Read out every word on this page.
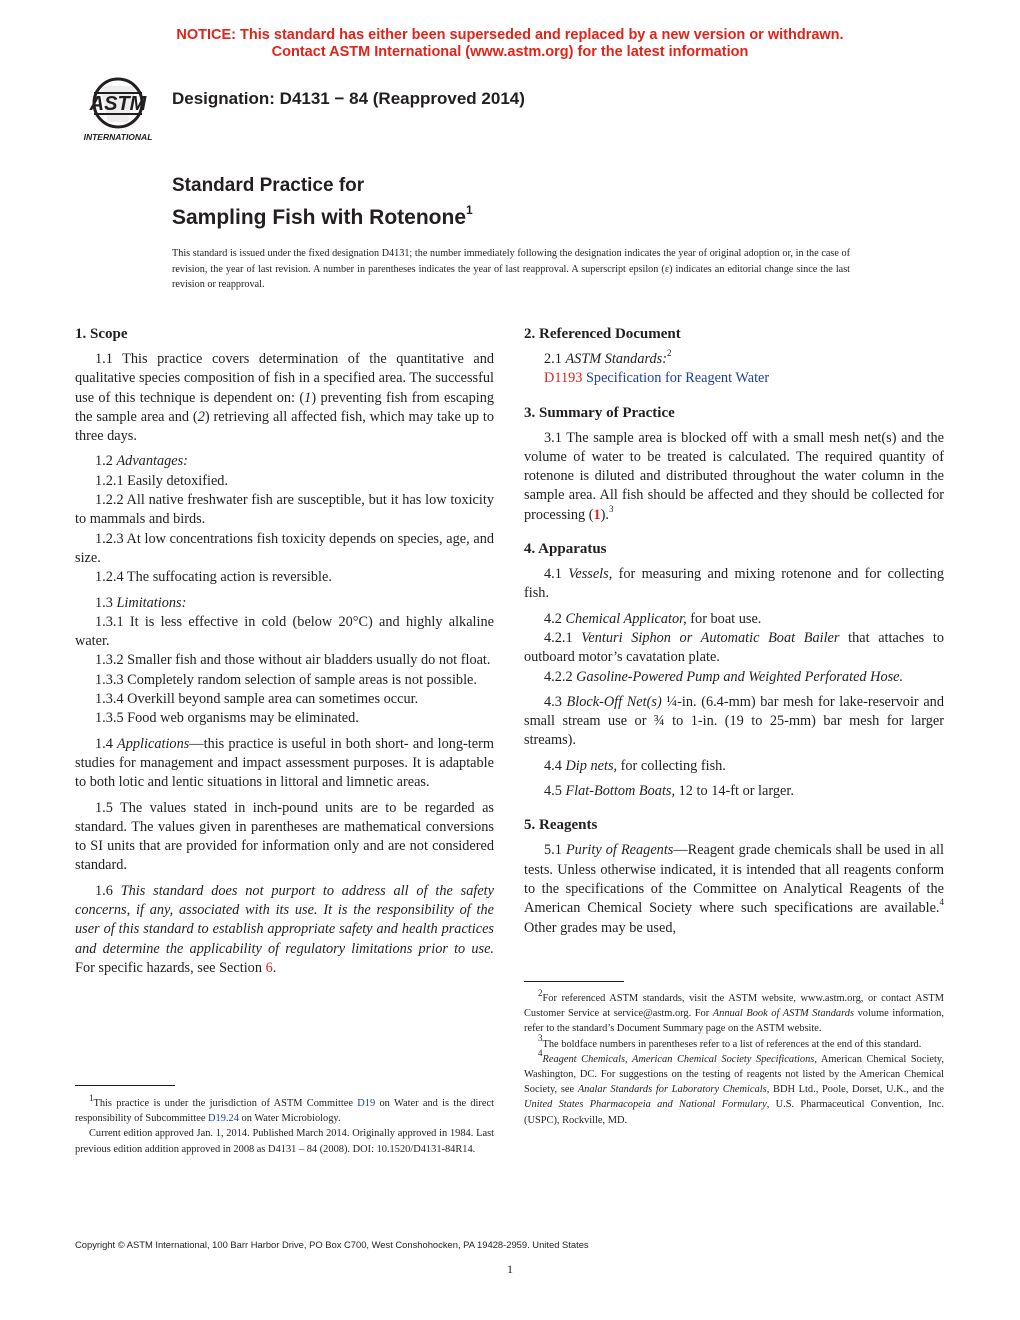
NOTICE: This standard has either been superseded and replaced by a new version or withdrawn.
Contact ASTM International (www.astm.org) for the latest information
ASTM
INTERNATIONAL
Designation: D4131 − 84 (Reapproved 2014)
Standard Practice for
Sampling Fish with Rotenone$^1$
This standard is issued under the fixed designation D4131; the number immediately following the designation indicates the year of original adoption or, in the case of revision, the year of last revision. A number in parentheses indicates the year of last reapproval. A superscript epsilon (ε) indicates an editorial change since the last revision or reapproval.
1. Scope

1.1 This practice covers determination of the quantitative and qualitative species composition of fish in a specified area. The successful use of this technique is dependent on: (1) preventing fish from escaping the sample area and (2) retrieving all affected fish, which may take up to three days.

1.2 Advantages:

1.2.1 Easily detoxified.

1.2.2 All native freshwater fish are susceptible, but it has low toxicity to mammals and birds.

1.2.3 At low concentrations fish toxicity depends on species, age, and size.

1.2.4 The suffocating action is reversible.

1.3 Limitations:

1.3.1 It is less effective in cold (below 20°C) and highly alkaline water.

1.3.2 Smaller fish and those without air bladders usually do not float.

1.3.3 Completely random selection of sample areas is not possible.

1.3.4 Overkill beyond sample area can sometimes occur.

1.3.5 Food web organisms may be eliminated.

1.4 Applications—this practice is useful in both short- and long-term studies for management and impact assessment purposes. It is adaptable to both lotic and lentic situations in littoral and limnetic areas.

1.5 The values stated in inch-pound units are to be regarded as standard. The values given in parentheses are mathematical conversions to SI units that are provided for information only and are not considered standard.

1.6 This standard does not purport to address all of the safety concerns, if any, associated with its use. It is the responsibility of the user of this standard to establish appropriate safety and health practices and determine the applicability of regulatory limitations prior to use. For specific hazards, see Section 6.

2. Referenced Document

2.1 ASTM Standards:$^2$

D1193 Specification for Reagent Water

3. Summary of Practice

3.1 The sample area is blocked off with a small mesh net(s) and the volume of water to be treated is calculated. The required quantity of rotenone is diluted and distributed throughout the water column in the sample area. All fish should be affected and they should be collected for processing (1).$^3$

4. Apparatus

4.1 Vessels, for measuring and mixing rotenone and for collecting fish.

4.2 Chemical Applicator, for boat use.

4.2.1 Venturi Siphon or Automatic Boat Bailer that attaches to outboard motor’s cavatation plate.

4.2.2 Gasoline-Powered Pump and Weighted Perforated Hose.

4.3 Block-Off Net(s) ¼-in. (6.4-mm) bar mesh for lake-reservoir and small stream use or ¾ to 1-in. (19 to 25-mm) bar mesh for larger streams).

4.4 Dip nets, for collecting fish.

4.5 Flat-Bottom Boats, 12 to 14-ft or larger.

5. Reagents

5.1 Purity of Reagents—Reagent grade chemicals shall be used in all tests. Unless otherwise indicated, it is intended that all reagents conform to the specifications of the Committee on Analytical Reagents of the American Chemical Society where such specifications are available.$^4$ Other grades may be used,

$^1$This practice is under the jurisdiction of ASTM Committee D19 on Water and is the direct responsibility of Subcommittee D19.24 on Water Microbiology.

Current edition approved Jan. 1, 2014. Published March 2014. Originally approved in 1984. Last previous edition addition approved in 2008 as D4131 – 84 (2008). DOI: 10.1520/D4131-84R14.

$^2$For referenced ASTM standards, visit the ASTM website, www.astm.org, or contact ASTM Customer Service at service@astm.org. For Annual Book of ASTM Standards volume information, refer to the standard’s Document Summary page on the ASTM website.

$^3$The boldface numbers in parentheses refer to a list of references at the end of this standard.

$^4$Reagent Chemicals, American Chemical Society Specifications, American Chemical Society, Washington, DC. For suggestions on the testing of reagents not listed by the American Chemical Society, see Analar Standards for Laboratory Chemicals, BDH Ltd., Poole, Dorset, U.K., and the United States Pharmacopeia and National Formulary, U.S. Pharmaceutical Convention, Inc. (USPC), Rockville, MD.

Copyright © ASTM International, 100 Barr Harbor Drive, PO Box C700, West Conshohocken, PA 19428-2959. United States
1
